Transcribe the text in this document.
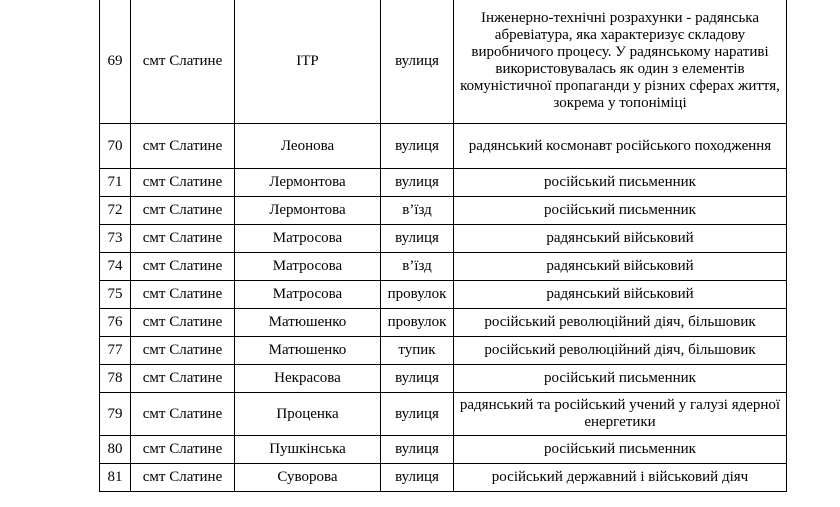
69	смт Слатине	ІТР	вулиця	Інженерно-технічні розрахунки - радянська абревіатура, яка характеризує складову виробничого процесу. У радянському наративі використовувалась як один з елементів комуністичної пропаганди у різних сферах життя, зокрема у топоніміці
70	смт Слатине	Леонова	вулиця	радянський космонавт російського походження
71	смт Слатине	Лермонтова	вулиця	російський письменник
72	смт Слатине	Лермонтова	в’їзд	російський письменник
73	смт Слатине	Матросова	вулиця	радянський військовий
74	смт Слатине	Матросова	в’їзд	радянський військовий
75	смт Слатине	Матросова	провулок	радянський військовий
76	смт Слатине	Матюшенко	провулок	російський революційний діяч, більшовик
77	смт Слатине	Матюшенко	тупик	російський революційний діяч, більшовик
78	смт Слатине	Некрасова	вулиця	російський письменник
79	смт Слатине	Проценка	вулиця	радянський та російський учений у галузі ядерної енергетики
80	смт Слатине	Пушкінська	вулиця	російський письменник
81	смт Слатине	Суворова	вулиця	російський державний і військовий діяч
